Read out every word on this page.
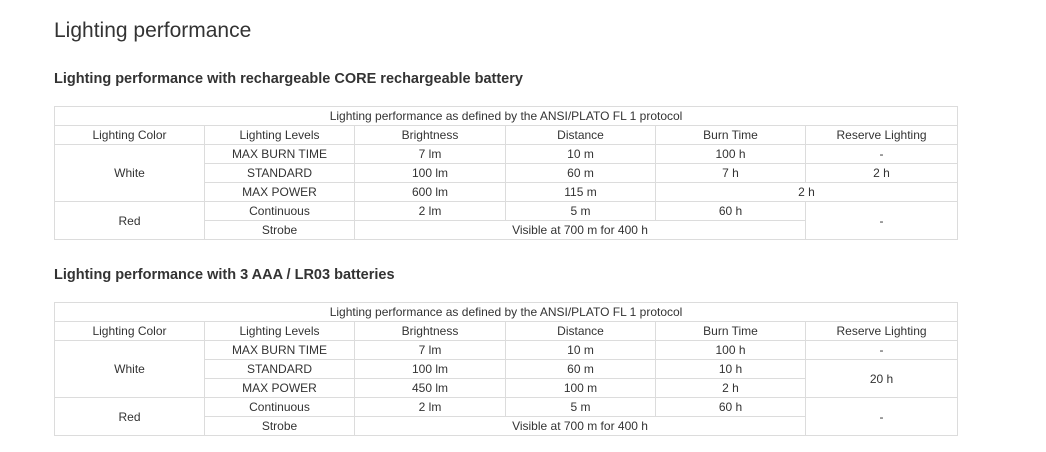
Lighting performance
Lighting performance with rechargeable CORE rechargeable battery
Lighting performance as defined by the ANSI/PLATO FL 1 protocol					
Lighting Color	Lighting Levels	Brightness	Distance	Burn Time	Reserve Lighting
White	MAX BURN TIME	7 lm	10 m	100 h	-
	STANDARD	100 lm	60 m	7 h	2 h
	MAX POWER	600 lm	115 m	2 h	
Red	Continuous	2 lm	5 m	60 h	-
	Strobe	Visible at 700 m for 400 h			
Lighting performance with 3 AAA / LR03 batteries
Lighting performance as defined by the ANSI/PLATO FL 1 protocol					
Lighting Color	Lighting Levels	Brightness	Distance	Burn Time	Reserve Lighting
White	MAX BURN TIME	7 lm	10 m	100 h	-
	STANDARD	100 lm	60 m	10 h	20 h
	MAX POWER	450 lm	100 m	2 h	
Red	Continuous	2 lm	5 m	60 h	-
	Strobe	Visible at 700 m for 400 h			
